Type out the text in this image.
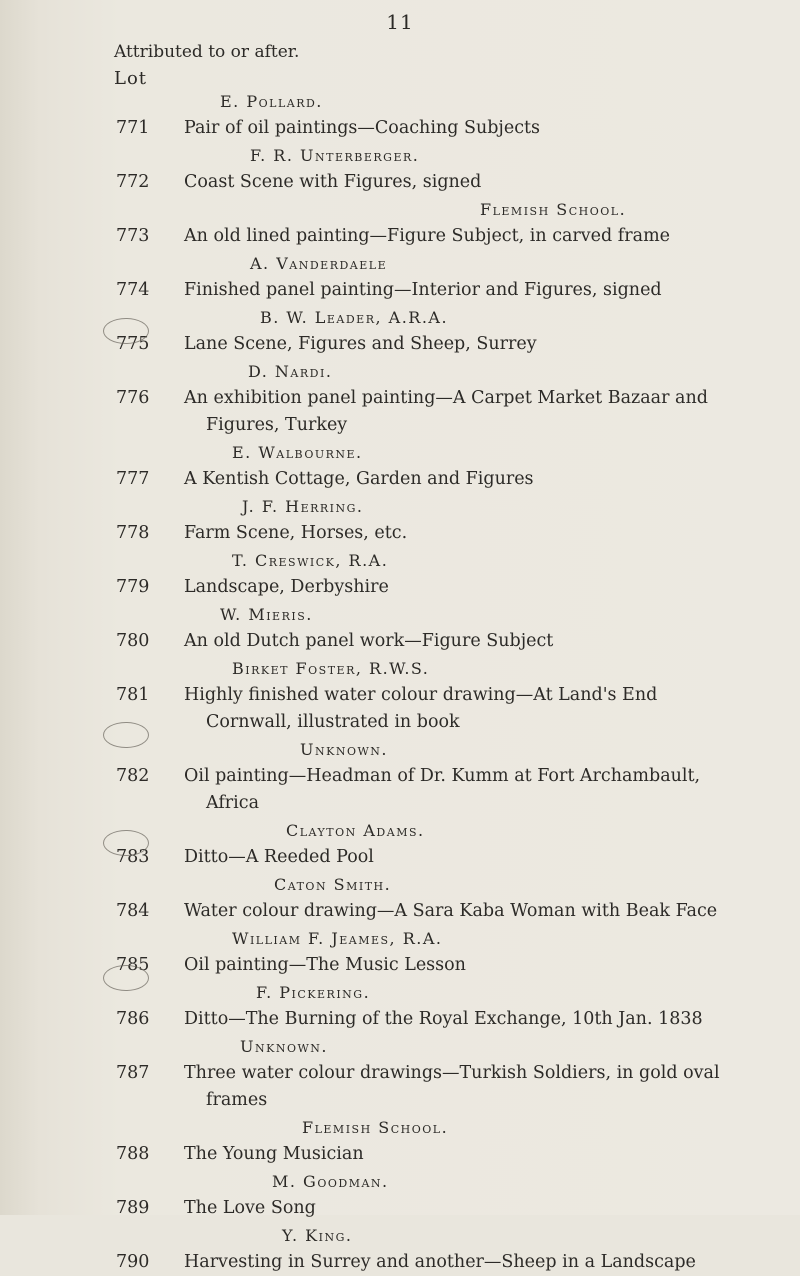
11
Attributed to or after.
Lot
E. Pollard.
771	Pair of oil paintings—Coaching Subjects
F. R. Unterberger.
772	Coast Scene with Figures, signed
Flemish School.
773	An old lined painting—Figure Subject, in carved frame
A. Vanderdaele
774	Finished panel painting—Interior and Figures, signed
B. W. Leader, A.R.A.
775	Lane Scene, Figures and Sheep, Surrey
D. Nardi.
776	An exhibition panel painting—A Carpet Market Bazaar and
Figures, Turkey
E. Walbourne.
777	A Kentish Cottage, Garden and Figures
J. F. Herring.
778	Farm Scene, Horses, etc.
T. Creswick, R.A.
779	Landscape, Derbyshire
W. Mieris.
780	An old Dutch panel work—Figure Subject
Birket Foster, R.W.S.
781	Highly finished water colour drawing—At Land's End
Cornwall, illustrated in book
Unknown.
782	Oil painting—Headman of Dr. Kumm at Fort Archambault,
Africa
Clayton Adams.
783	Ditto—A Reeded Pool
Caton Smith.
784	Water colour drawing—A Sara Kaba Woman with Beak Face
William F. Jeames, R.A.
785	Oil painting—The Music Lesson
F. Pickering.
786	Ditto—The Burning of the Royal Exchange, 10th Jan. 1838
Unknown.
787	Three water colour drawings—Turkish Soldiers, in gold oval
frames
Flemish School.
788	The Young Musician
M. Goodman.
789	The Love Song
Y. King.
790	Harvesting in Surrey and another—Sheep in a Landscape
